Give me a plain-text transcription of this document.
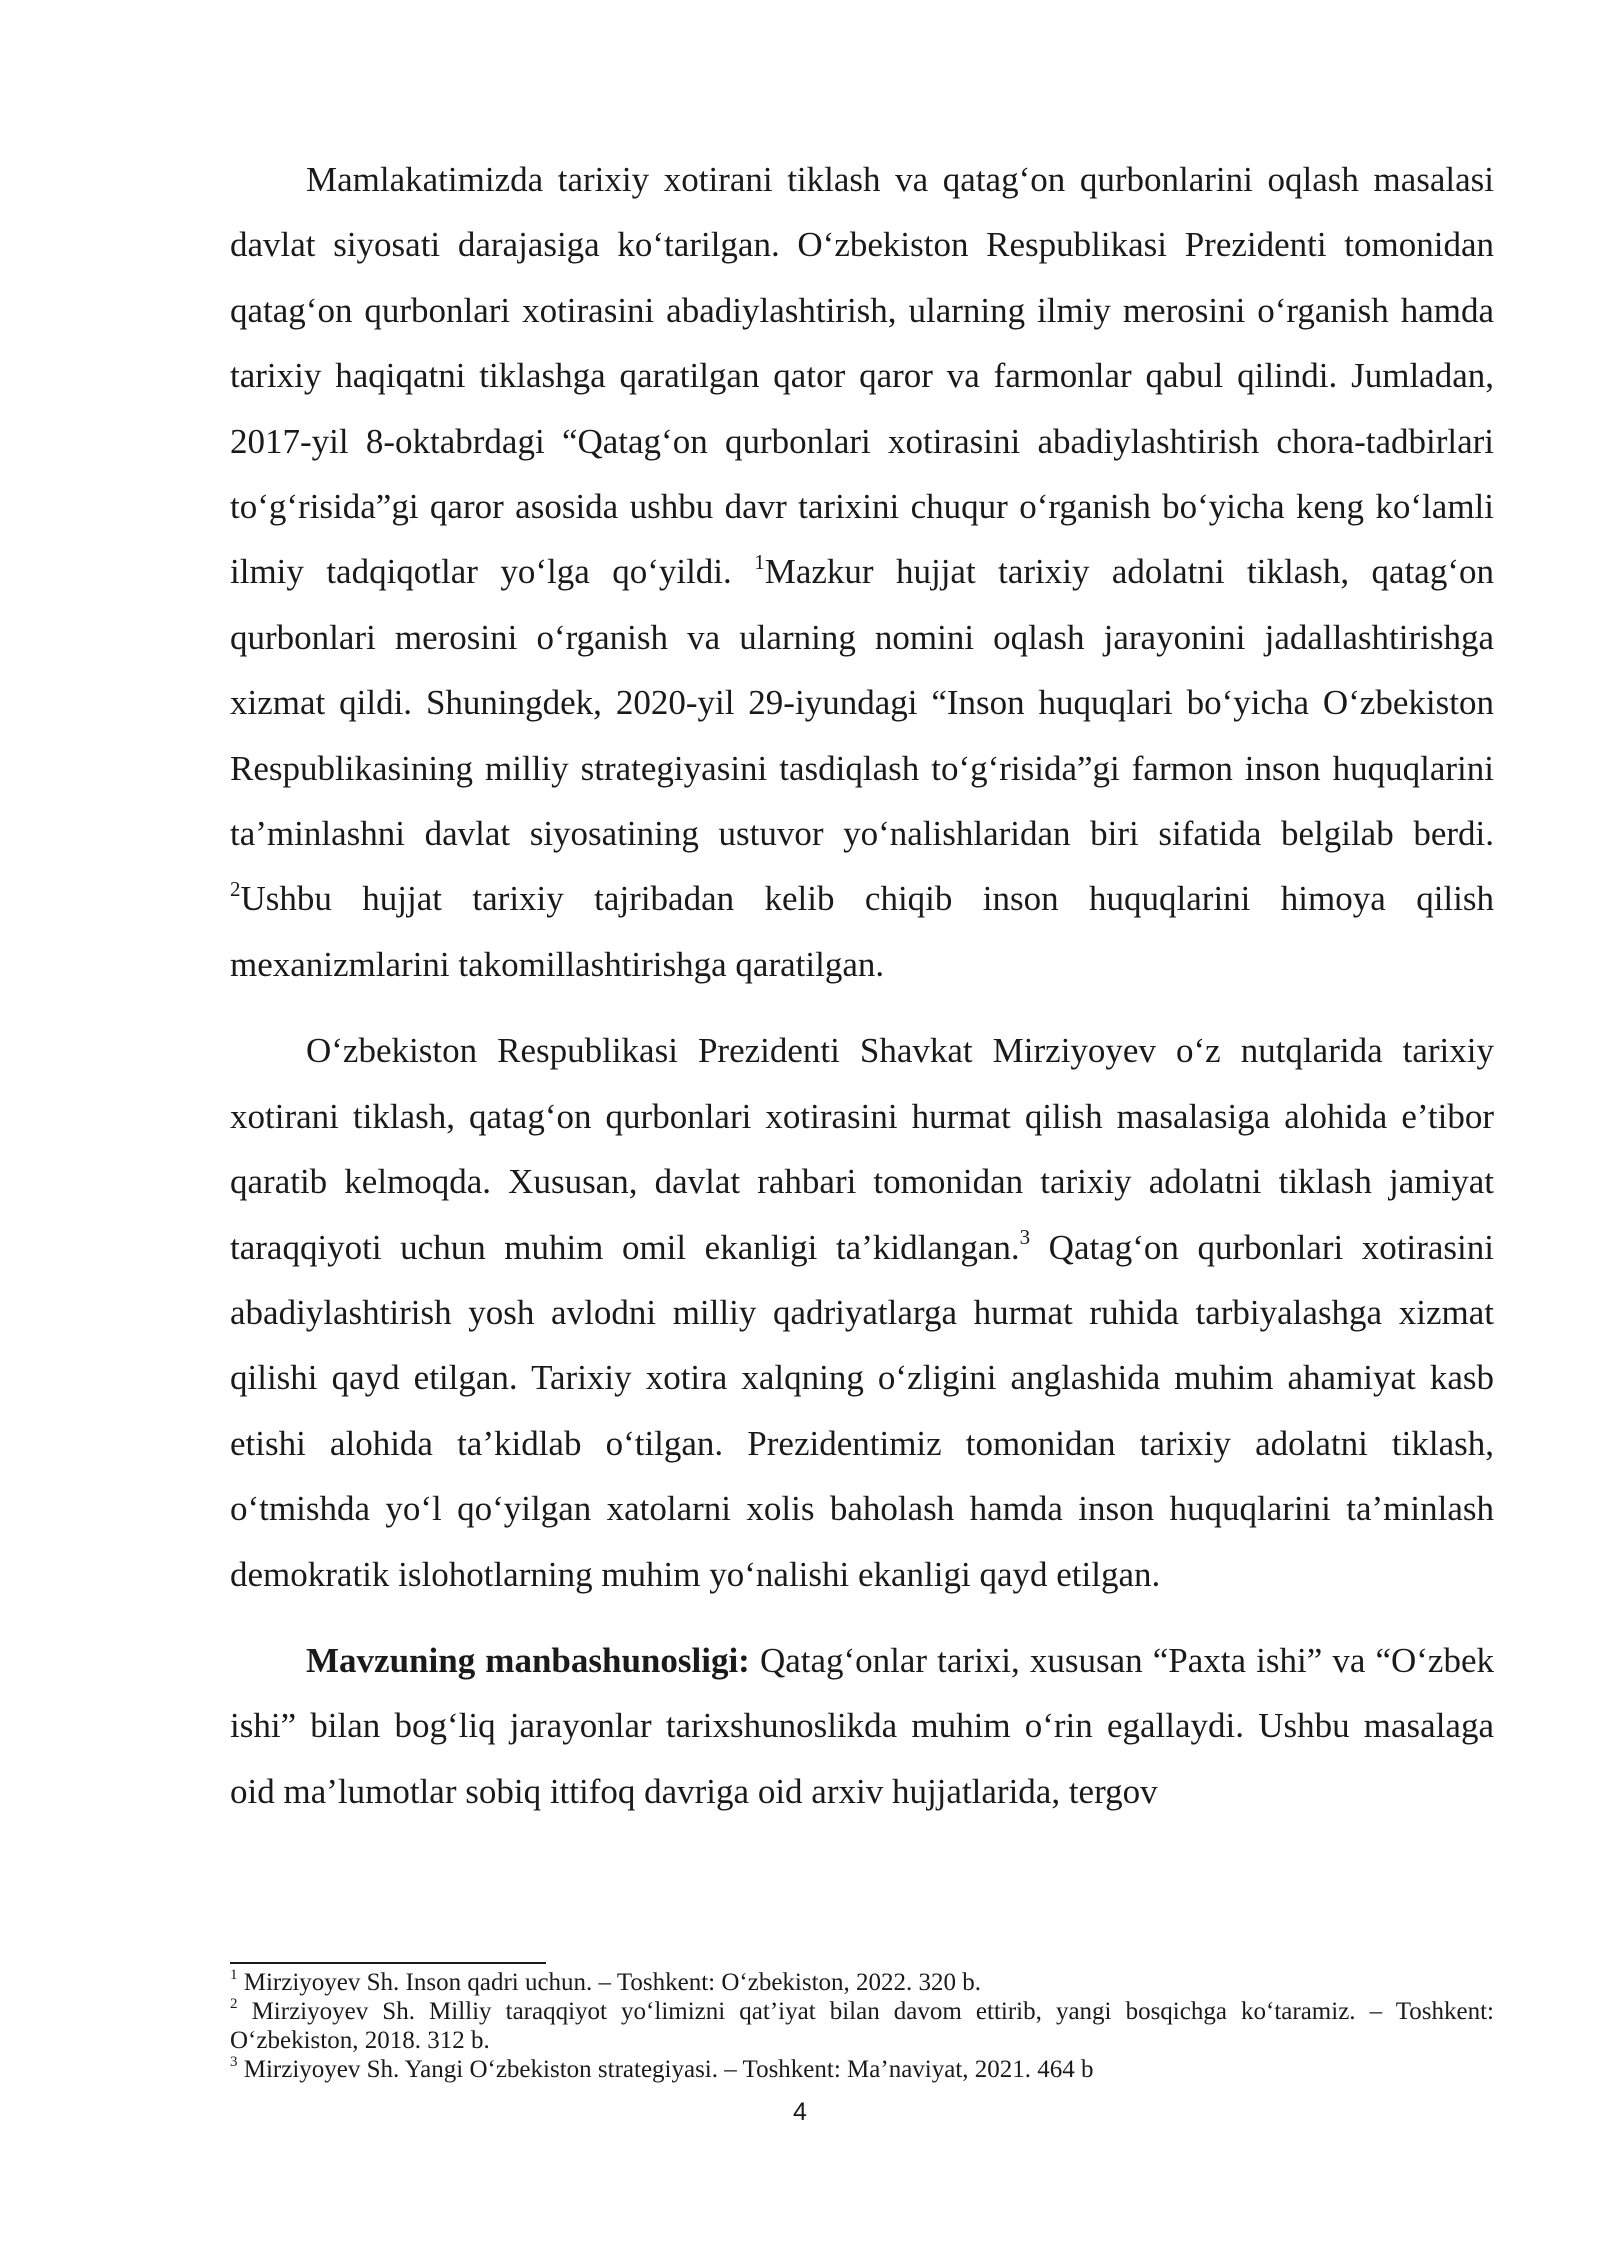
Mamlakatimizda tarixiy xotirani tiklash va qatag‘on qurbonlarini oqlash masalasi davlat siyosati darajasiga ko‘tarilgan. O‘zbekiston Respublikasi Prezidenti tomonidan qatag‘on qurbonlari xotirasini abadiylashtirish, ularning ilmiy merosini o‘rganish hamda tarixiy haqiqatni tiklashga qaratilgan qator qaror va farmonlar qabul qilindi. Jumladan, 2017-yil 8-oktabrdagi “Qatag‘on qurbonlari xotirasini abadiylashtirish chora-tadbirlari to‘g‘risida”gi qaror asosida ushbu davr tarixini chuqur o‘rganish bo‘yicha keng ko‘lamli ilmiy tadqiqotlar yo‘lga qo‘yildi. $^1$Mazkur hujjat tarixiy adolatni tiklash, qatag‘on qurbonlari merosini o‘rganish va ularning nomini oqlash jarayonini jadallashtirishga xizmat qildi. Shuningdek, 2020-yil 29-iyundagi “Inson huquqlari bo‘yicha O‘zbekiston Respublikasining milliy strategiyasini tasdiqlash to‘g‘risida”gi farmon inson huquqlarini ta’minlashni davlat siyosatining ustuvor yo‘nalishlaridan biri sifatida belgilab berdi. $^2$Ushbu hujjat tarixiy tajribadan kelib chiqib inson huquqlarini himoya qilish mexanizmlarini takomillashtirishga qaratilgan.

O‘zbekiston Respublikasi Prezidenti Shavkat Mirziyoyev o‘z nutqlarida tarixiy xotirani tiklash, qatag‘on qurbonlari xotirasini hurmat qilish masalasiga alohida e’tibor qaratib kelmoqda. Xususan, davlat rahbari tomonidan tarixiy adolatni tiklash jamiyat taraqqiyoti uchun muhim omil ekanligi ta’kidlangan.$^3$ Qatag‘on qurbonlari xotirasini abadiylashtirish yosh avlodni milliy qadriyatlarga hurmat ruhida tarbiyalashga xizmat qilishi qayd etilgan. Tarixiy xotira xalqning o‘zligini anglashida muhim ahamiyat kasb etishi alohida ta’kidlab o‘tilgan. Prezidentimiz tomonidan tarixiy adolatni tiklash, o‘tmishda yo‘l qo‘yilgan xatolarni xolis baholash hamda inson huquqlarini ta’minlash demokratik islohotlarning muhim yo‘nalishi ekanligi qayd etilgan.

Mavzuning manbashunosligi: Qatag‘onlar tarixi, xususan “Paxta ishi” va “O‘zbek ishi” bilan bog‘liq jarayonlar tarixshunoslikda muhim o‘rin egallaydi. Ushbu masalaga oid ma’lumotlar sobiq ittifoq davriga oid arxiv hujjatlarida, tergov

$^1$ Mirziyoyev Sh. Inson qadri uchun. – Toshkent: O‘zbekiston, 2022. 320 b.

$^2$ Mirziyoyev Sh. Milliy taraqqiyot yo‘limizni qat’iyat bilan davom ettirib, yangi bosqichga ko‘taramiz. – Toshkent: O‘zbekiston, 2018. 312 b.

$^3$ Mirziyoyev Sh. Yangi O‘zbekiston strategiyasi. – Toshkent: Ma’naviyat, 2021. 464 b

4
